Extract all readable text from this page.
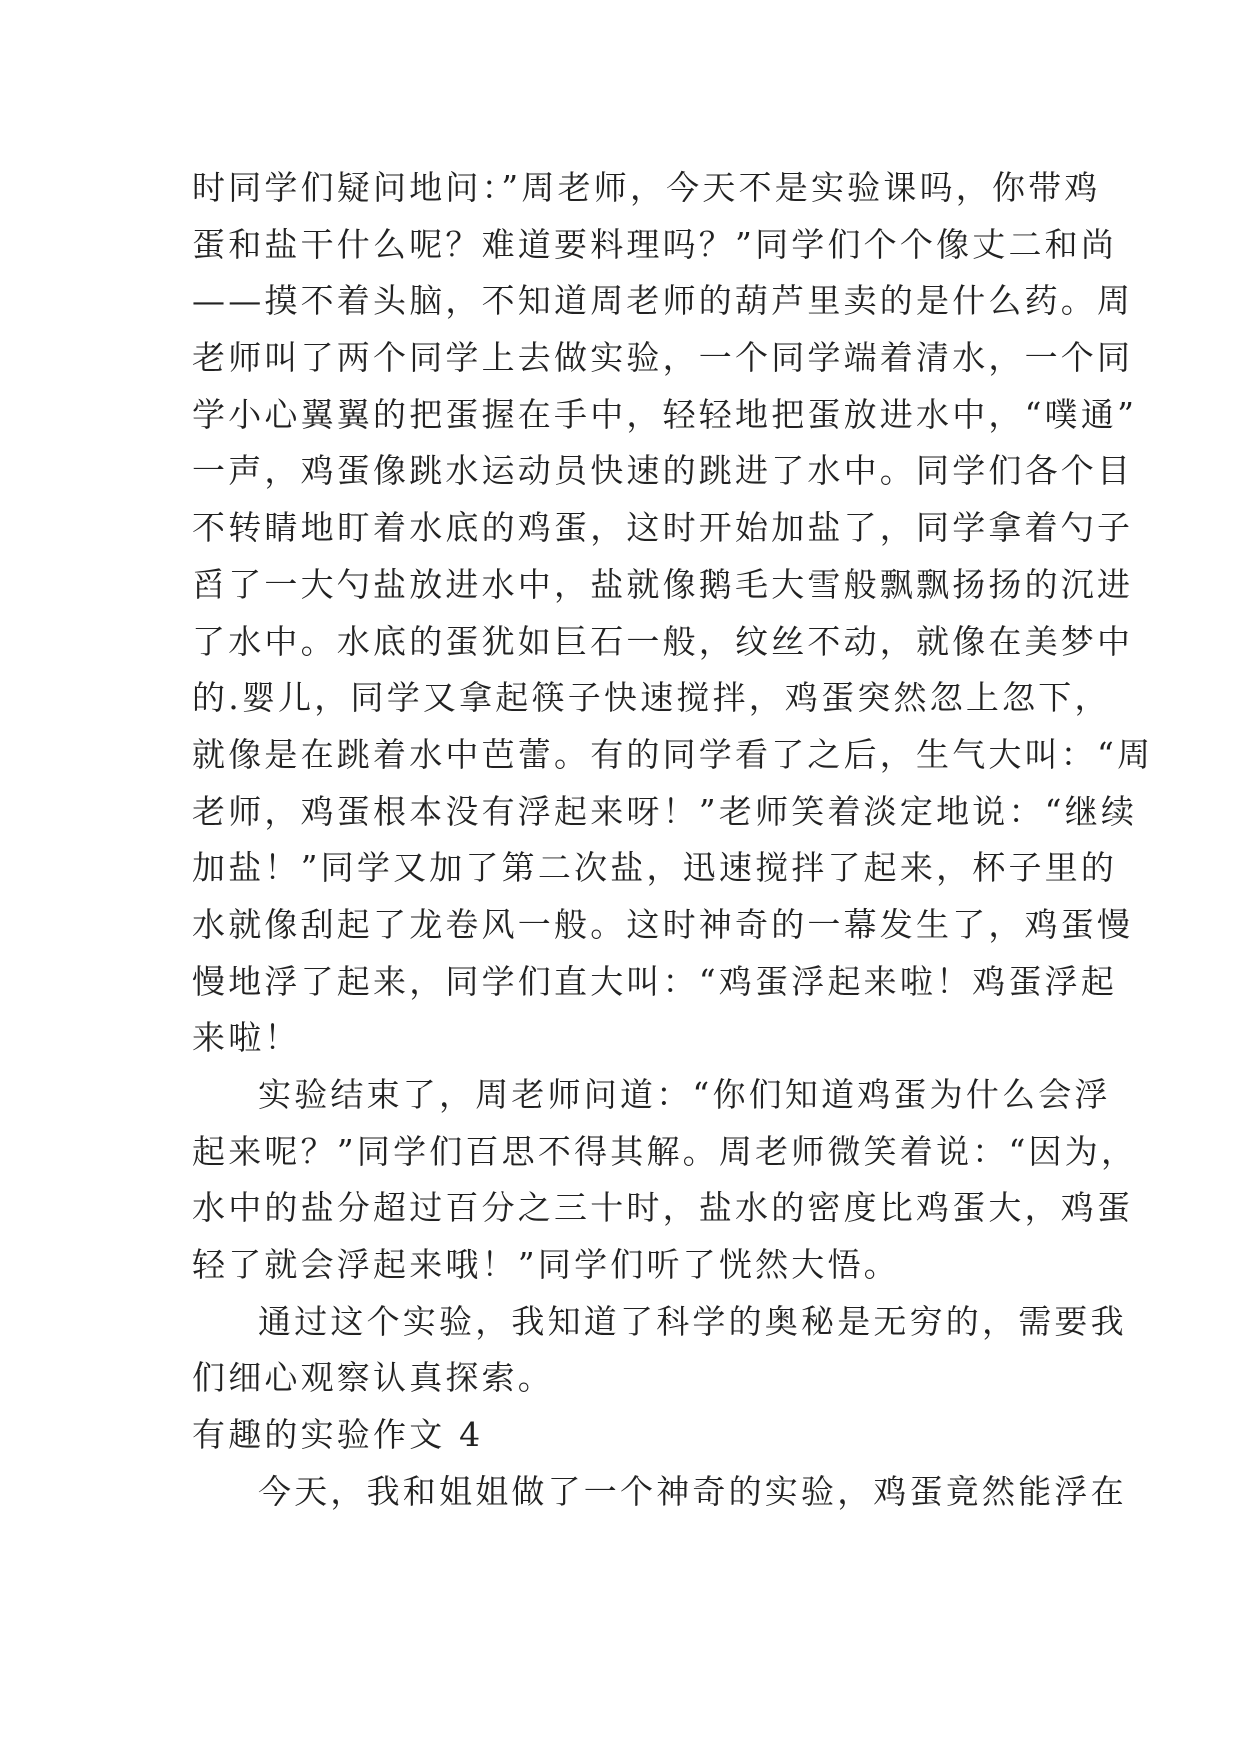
时同学们疑问地问：”周老师，今天不是实验课吗，你带鸡
蛋和盐干什么呢？难道要料理吗？”同学们个个像丈二和尚
——摸不着头脑，不知道周老师的葫芦里卖的是什么药。周
老师叫了两个同学上去做实验，一个同学端着清水，一个同
学小心翼翼的把蛋握在手中，轻轻地把蛋放进水中，“噗通”
一声，鸡蛋像跳水运动员快速的跳进了水中。同学们各个目
不转睛地盯着水底的鸡蛋，这时开始加盐了，同学拿着勺子
舀了一大勺盐放进水中，盐就像鹅毛大雪般飘飘扬扬的沉进
了水中。水底的蛋犹如巨石一般，纹丝不动，就像在美梦中
的.婴儿，同学又拿起筷子快速搅拌，鸡蛋突然忽上忽下，
就像是在跳着水中芭蕾。有的同学看了之后，生气大叫：“周
老师，鸡蛋根本没有浮起来呀！”老师笑着淡定地说：“继续
加盐！”同学又加了第二次盐，迅速搅拌了起来，杯子里的
水就像刮起了龙卷风一般。这时神奇的一幕发生了，鸡蛋慢
慢地浮了起来，同学们直大叫：“鸡蛋浮起来啦！鸡蛋浮起
来啦！
实验结束了，周老师问道：“你们知道鸡蛋为什么会浮
起来呢？”同学们百思不得其解。周老师微笑着说：“因为，
水中的盐分超过百分之三十时，盐水的密度比鸡蛋大，鸡蛋
轻了就会浮起来哦！”同学们听了恍然大悟。
通过这个实验，我知道了科学的奥秘是无穷的，需要我
们细心观察认真探索。
有趣的实验作文 4
今天，我和姐姐做了一个神奇的实验，鸡蛋竟然能浮在
